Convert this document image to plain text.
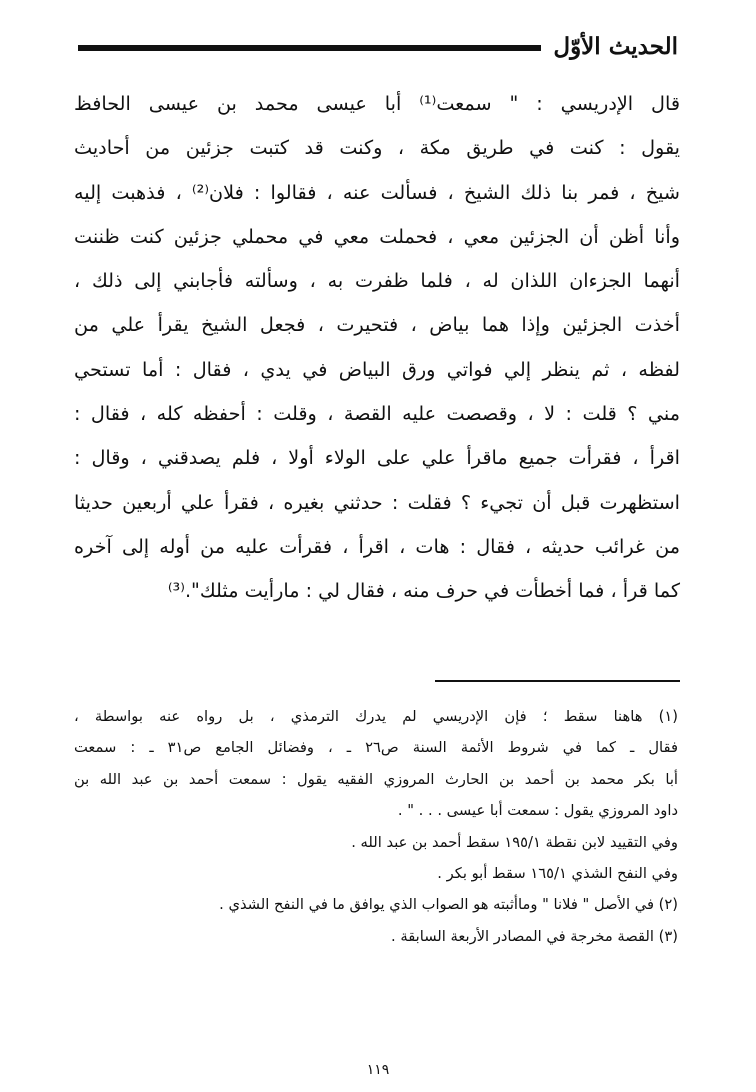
الحديث الأوّل
قال الإدريسي : " سمعت⁽¹⁾ أبا عيسى محمد بن عيسى الحافظ
يقول : كنت في طريق مكة ، وكنت قد كتبت جزئين من أحاديث
شيخ ، فمر بنا ذلك الشيخ ، فسألت عنه ، فقالوا : فلان⁽²⁾ ، فذهبت إليه
وأنا أظن أن الجزئين معي ، فحملت معي في محملي جزئين كنت ظننت
أنهما الجزءان اللذان له ، فلما ظفرت به ، وسألته فأجابني إلى ذلك ،
أخذت الجزئين وإذا هما بياض ، فتحيرت ، فجعل الشيخ يقرأ علي من
لفظه ، ثم ينظر إلي فواتي ورق البياض في يدي ، فقال : أما تستحي
مني ؟ قلت : لا ، وقصصت عليه القصة ، وقلت : أحفظه كله ، فقال :
اقرأ ، فقرأت جميع ماقرأ علي على الولاء أولا ، فلم يصدقني ، وقال :
استظهرت قبل أن تجيء ؟ فقلت : حدثني بغيره ، فقرأ علي أربعين حديثا
من غرائب حديثه ، فقال : هات ، اقرأ ، فقرأت عليه من أوله إلى آخره
كما قرأ ، فما أخطأت في حرف منه ، فقال لي : مارأيت مثلك".⁽³⁾
(١) هاهنا سقط ؛ فإن الإدريسي لم يدرك الترمذي ، بل رواه عنه بواسطة ،
فقال ـ كما في شروط الأئمة السنة ص٢٦ ـ ، وفضائل الجامع ص٣١ ـ : سمعت
أبا بكر محمد بن أحمد بن الحارث المروزي الفقيه يقول : سمعت أحمد بن عبد الله بن
داود المروزي يقول : سمعت أبا عيسى . . . " .
وفي التقييد لابن نقطة ١٩٥/١ سقط أحمد بن عبد الله .
وفي النفح الشذي ١٦٥/١ سقط أبو بكر .
(٢) في الأصل " فلانا " وماأثبته هو الصواب الذي يوافق ما في النفح الشذي .
(٣) القصة مخرجة في المصادر الأربعة السابقة .
١١٩
